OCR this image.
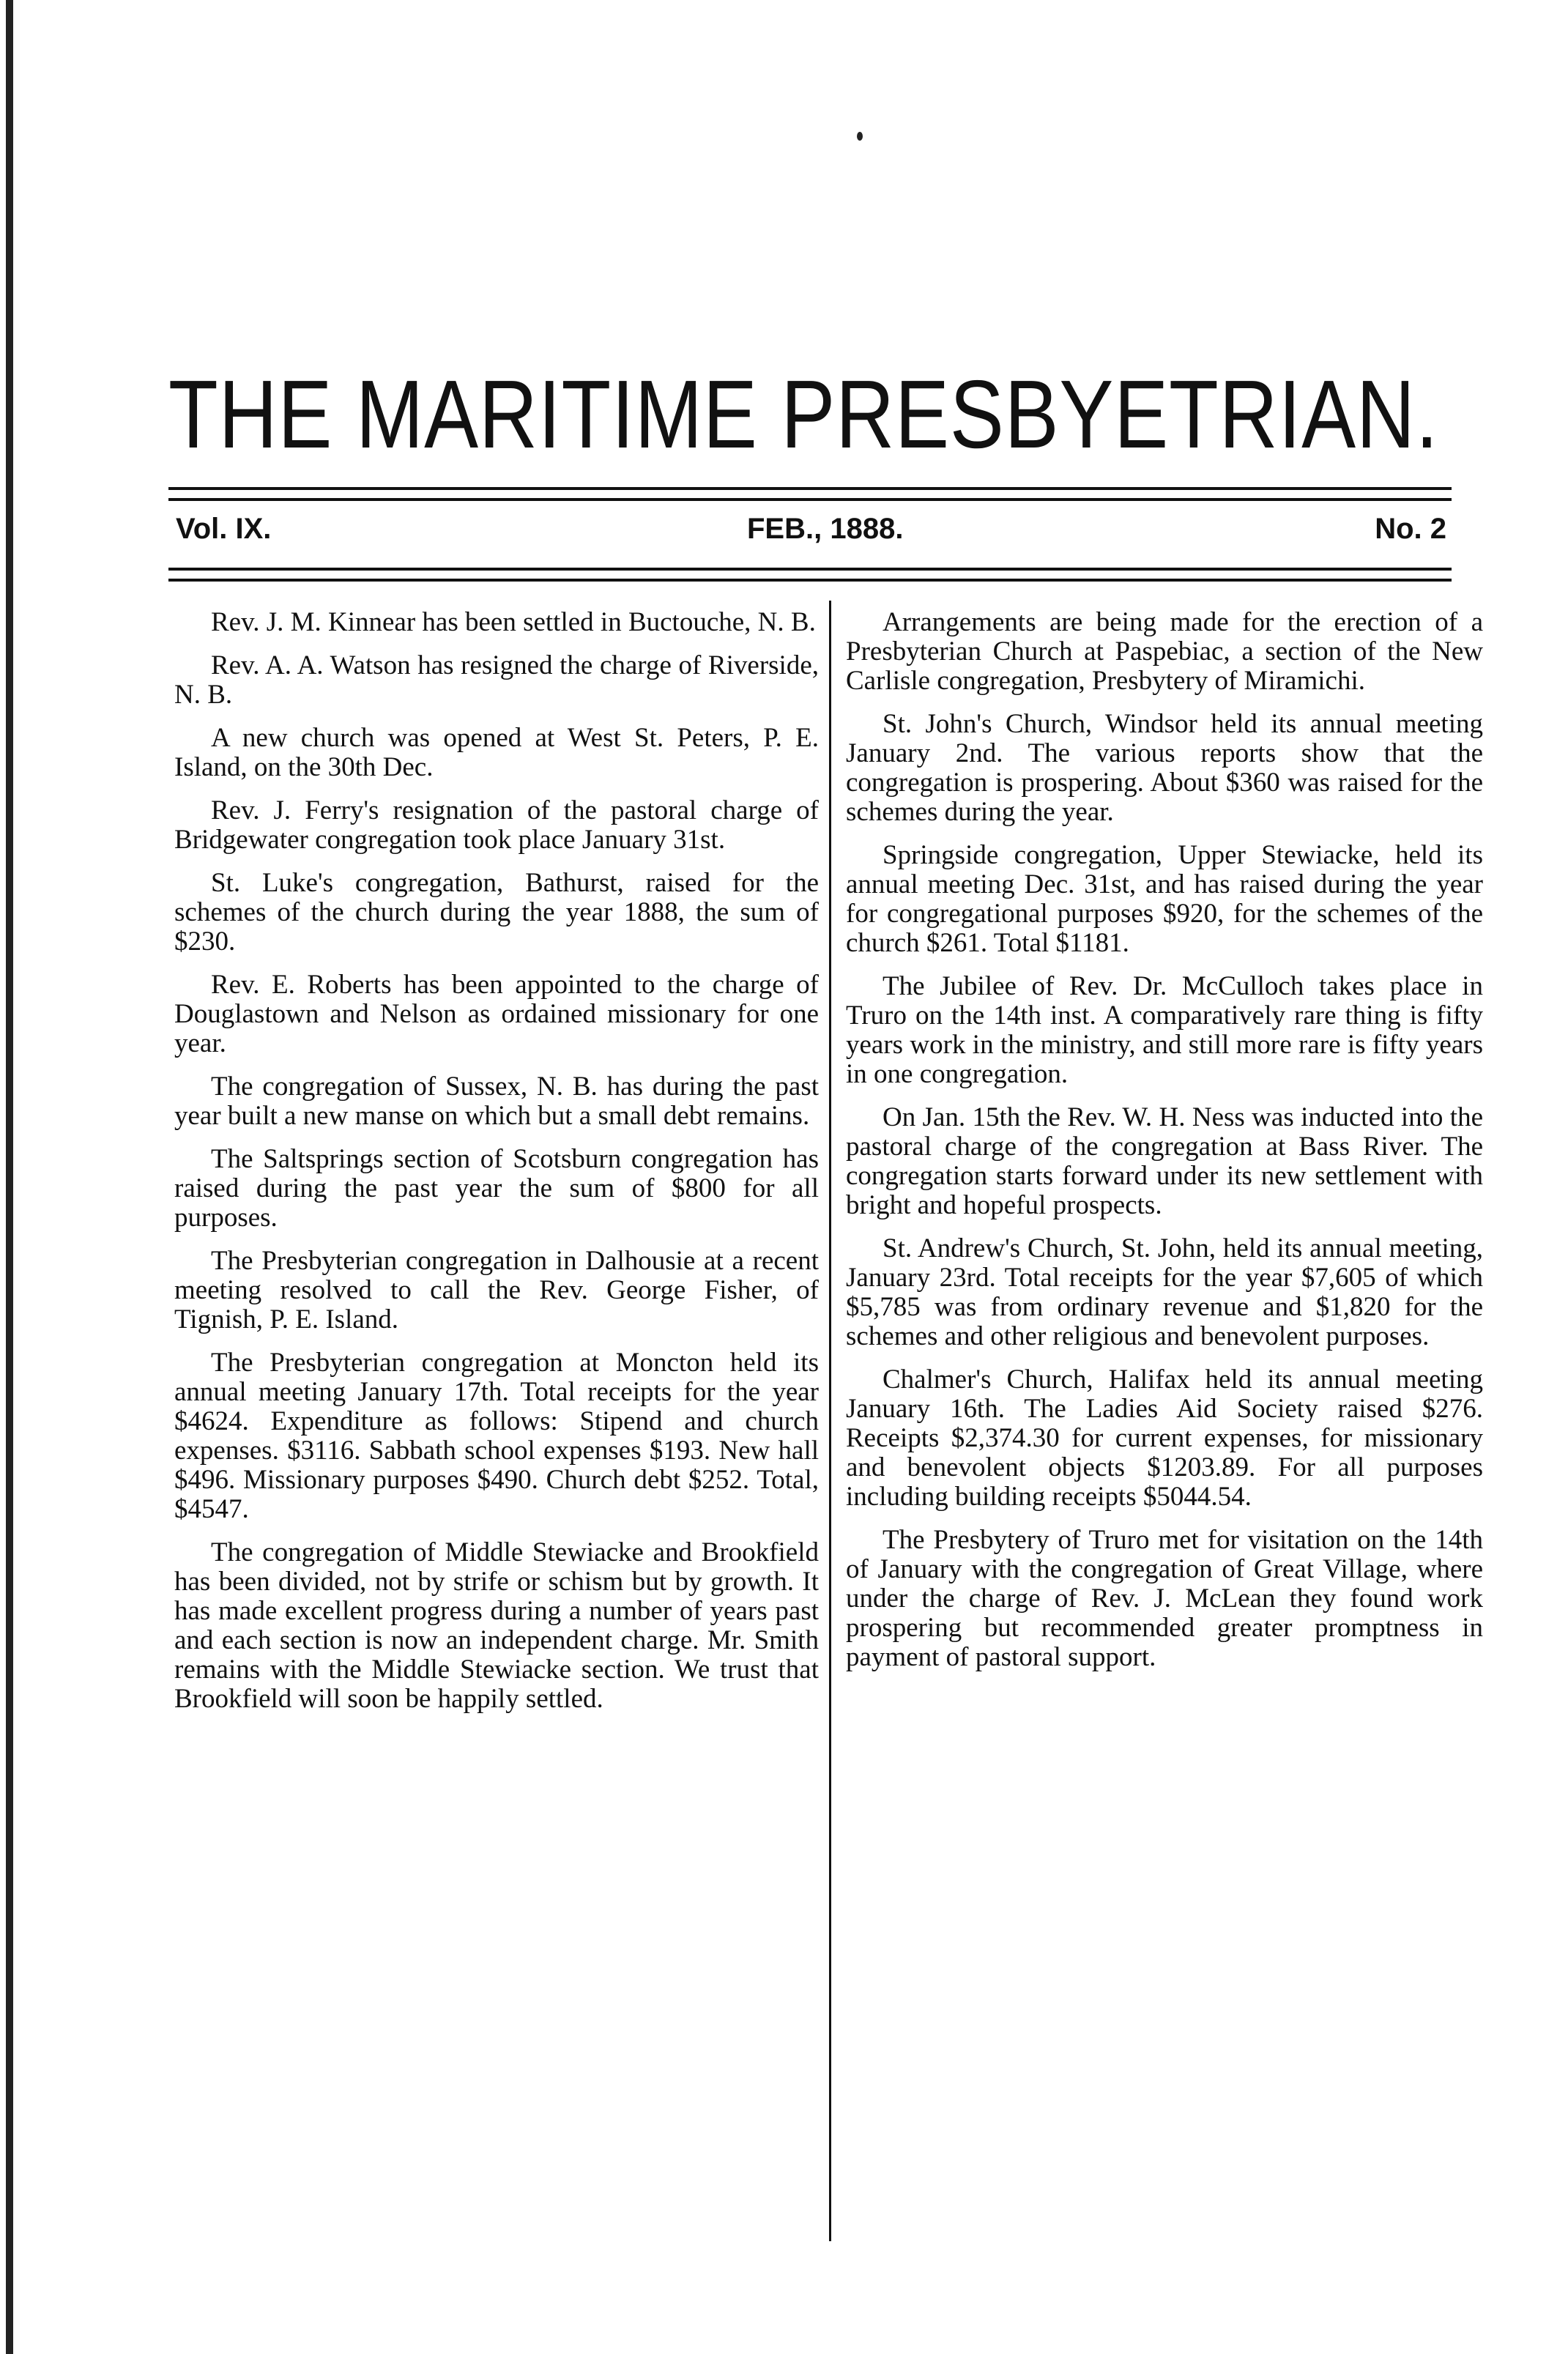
THE MARITIME PRESBYETRIAN.
Vol. IX.	FEB., 1888.	No. 2

Rev. J. M. Kinnear has been settled in Buctouche, N. B.

Rev. A. A. Watson has resigned the charge of Riverside, N. B.

A new church was opened at West St. Peters, P. E. Island, on the 30th Dec.

Rev. J. Ferry's resignation of the pastoral charge of Bridgewater congregation took place January 31st.

St. Luke's congregation, Bathurst, raised for the schemes of the church during the year 1888, the sum of $230.

Rev. E. Roberts has been appointed to the charge of Douglastown and Nelson as ordained missionary for one year.

The congregation of Sussex, N. B. has during the past year built a new manse on which but a small debt remains.

The Saltsprings section of Scotsburn congregation has raised during the past year the sum of $800 for all purposes.

The Presbyterian congregation in Dalhousie at a recent meeting resolved to call the Rev. George Fisher, of Tignish, P. E. Island.

The Presbyterian congregation at Moncton held its annual meeting January 17th. Total receipts for the year $4624. Expenditure as follows: Stipend and church expenses. $3116. Sabbath school expenses $193. New hall $496. Missionary purposes $490. Church debt $252. Total, $4547.

The congregation of Middle Stewiacke and Brookfield has been divided, not by strife or schism but by growth. It has made excellent progress during a number of years past and each section is now an independent charge. Mr. Smith remains with the Middle Stewiacke section. We trust that Brookfield will soon be happily settled.

Arrangements are being made for the erection of a Presbyterian Church at Paspebiac, a section of the New Carlisle congregation, Presbytery of Miramichi.

St. John's Church, Windsor held its annual meeting January 2nd. The various reports show that the congregation is prospering. About $360 was raised for the schemes during the year.

Springside congregation, Upper Stewiacke, held its annual meeting Dec. 31st, and has raised during the year for congregational purposes $920, for the schemes of the church $261. Total $1181.

The Jubilee of Rev. Dr. McCulloch takes place in Truro on the 14th inst. A comparatively rare thing is fifty years work in the ministry, and still more rare is fifty years in one congregation.

On Jan. 15th the Rev. W. H. Ness was inducted into the pastoral charge of the congregation at Bass River. The congregation starts forward under its new settlement with bright and hopeful prospects.

St. Andrew's Church, St. John, held its annual meeting, January 23rd. Total receipts for the year $7,605 of which $5,785 was from ordinary revenue and $1,820 for the schemes and other religious and benevolent purposes.

Chalmer's Church, Halifax held its annual meeting January 16th. The Ladies Aid Society raised $276. Receipts $2,374.30 for current expenses, for missionary and benevolent objects $1203.89. For all purposes including building receipts $5044.54.

The Presbytery of Truro met for visitation on the 14th of January with the congregation of Great Village, where under the charge of Rev. J. McLean they found work prospering but recommended greater promptness in payment of pastoral support.
